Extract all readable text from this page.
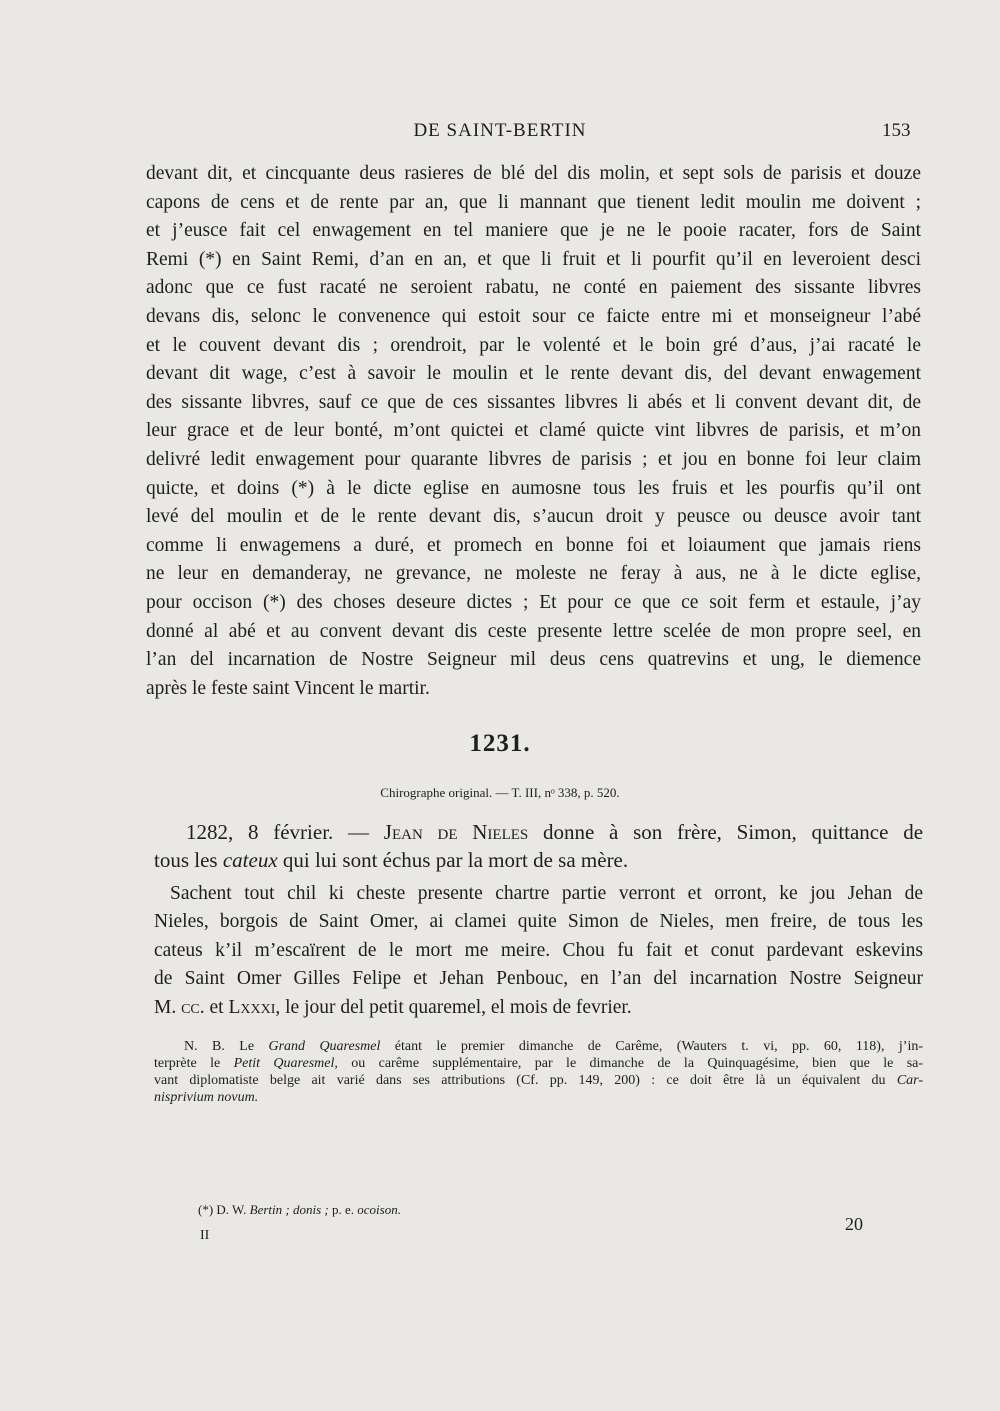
DE SAINT-BERTIN	153
devant dit, et cincquante deus rasieres de blé del dis molin, et sept sols de parisis et douze
capons de cens et de rente par an, que li mannant que tienent ledit moulin me doivent ;
et j’eusce fait cel enwagement en tel maniere que je ne le pooie racater, fors de Saint
Remi (*) en Saint Remi, d’an en an, et que li fruit et li pourfit qu’il en leveroient desci
adonc que ce fust racaté ne seroient rabatu, ne conté en paiement des sissante libvres
devans dis, selonc le convenence qui estoit sour ce faicte entre mi et monseigneur l’abé
et le couvent devant dis ; orendroit, par le volenté et le boin gré d’aus, j’ai racaté le
devant dit wage, c’est à savoir le moulin et le rente devant dis, del devant enwagement
des sissante libvres, sauf ce que de ces sissantes libvres li abés et li convent devant dit, de
leur grace et de leur bonté, m’ont quictei et clamé quicte vint libvres de parisis, et m’on
delivré ledit enwagement pour quarante libvres de parisis ; et jou en bonne foi leur claim
quicte, et doins (*) à le dicte eglise en aumosne tous les fruis et les pourfis qu’il ont
levé del moulin et de le rente devant dis, s’aucun droit y peusce ou deusce avoir tant
comme li enwagemens a duré, et promech en bonne foi et loiaument que jamais riens
ne leur en demanderay, ne grevance, ne moleste ne feray à aus, ne à le dicte eglise,
pour occison (*) des choses deseure dictes ; Et pour ce que ce soit ferm et estaule, j’ay
donné al abé et au convent devant dis ceste presente lettre scelée de mon propre seel, en
l’an del incarnation de Nostre Seigneur mil deus cens quatrevins et ung, le diemence
après le feste saint Vincent le martir.
1231.
Chirographe original. — T. III, nᵒ 338, p. 520.
1282, 8 février. — Jean de Nieles donne à son frère, Simon, quittance de
tous les cateux qui lui sont échus par la mort de sa mère.
Sachent tout chil ki cheste presente chartre partie verront et orront, ke jou Jehan de
Nieles, borgois de Saint Omer, ai clamei quite Simon de Nieles, men freire, de tous les
cateus k’il m’escaïrent de le mort me meire. Chou fu fait et conut pardevant eskevins
de Saint Omer Gilles Felipe et Jehan Penbouc, en l’an del incarnation Nostre Seigneur
M. cc. et Lxxxi, le jour del petit quaremel, el mois de fevrier.
N. B. Le Grand Quaresmel étant le premier dimanche de Carême, (Wauters t. vi, pp. 60, 118), j’in-
terprète le Petit Quaresmel, ou carême supplémentaire, par le dimanche de la Quinquagésime, bien que le sa-
vant diplomatiste belge ait varié dans ses attributions (Cf. pp. 149, 200) : ce doit être là un équivalent du Car-
nisprivium novum.
(*) D. W. Bertin ; donis ; p. e. ocoison.
II
20
